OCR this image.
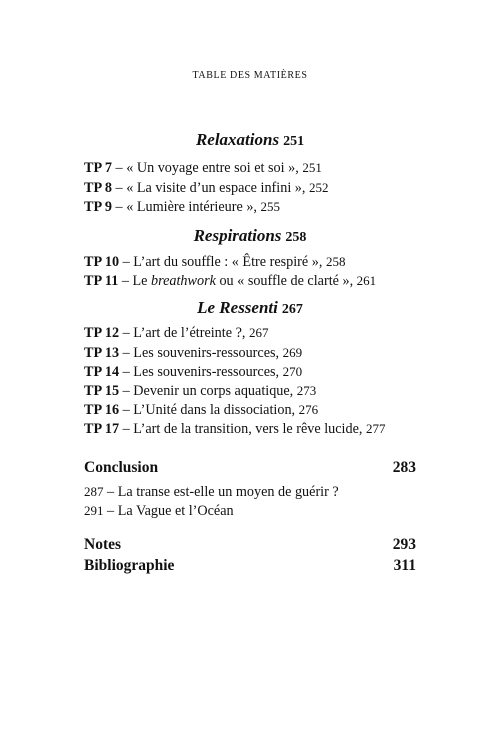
TABLE DES MATIÈRES
Relaxations 251
TP 7 – « Un voyage entre soi et soi », 251
TP 8 – « La visite d’un espace infini », 252
TP 9 – « Lumière intérieure », 255
Respirations 258
TP 10 – L’art du souffle : « Être respiré », 258
TP 11 – Le breathwork ou « souffle de clarté », 261
Le Ressenti 267
TP 12 – L’art de l’étreinte ?, 267
TP 13 – Les souvenirs-ressources, 269
TP 14 – Les souvenirs-ressources, 270
TP 15 – Devenir un corps aquatique, 273
TP 16 – L’Unité dans la dissociation, 276
TP 17 – L’art de la transition, vers le rêve lucide, 277
Conclusion	283
287 – La transe est-elle un moyen de guérir ?
291 – La Vague et l’Océan
Notes	293
Bibliographie	311
